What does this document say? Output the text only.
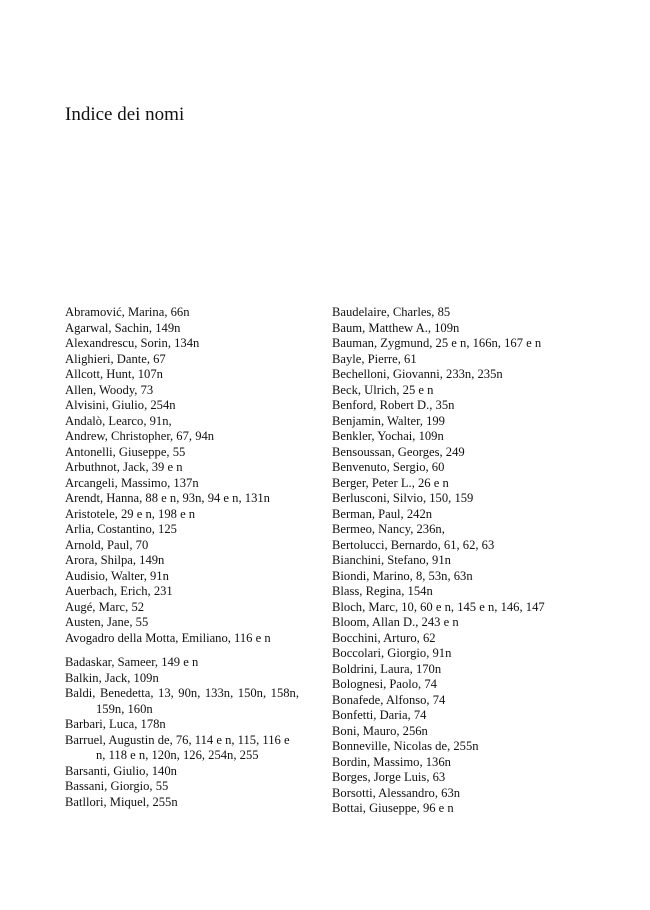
Indice dei nomi
Abramović, Marina, 66n
Agarwal, Sachin, 149n
Alexandrescu, Sorin, 134n
Alighieri, Dante, 67
Allcott, Hunt, 107n
Allen, Woody, 73
Alvisini, Giulio, 254n
Andalò, Learco, 91n,
Andrew, Christopher, 67, 94n
Antonelli, Giuseppe, 55
Arbuthnot, Jack, 39 e n
Arcangeli, Massimo, 137n
Arendt, Hanna, 88 e n, 93n, 94 e n, 131n
Aristotele, 29 e n, 198 e n
Arlia, Costantino, 125
Arnold, Paul, 70
Arora, Shilpa, 149n
Audisio, Walter, 91n
Auerbach, Erich, 231
Augé, Marc, 52
Austen, Jane, 55
Avogadro della Motta, Emiliano, 116 e n
Badaskar, Sameer, 149 e n
Balkin, Jack, 109n
Baldi, Benedetta, 13, 90n, 133n, 150n, 158n, 159n, 160n
Barbari, Luca, 178n
Barruel, Augustin de, 76, 114 e n, 115, 116 e n, 118 e n, 120n, 126, 254n, 255
Barsanti, Giulio, 140n
Bassani, Giorgio, 55
Batllori, Miquel, 255n
Baudelaire, Charles, 85
Baum, Matthew A., 109n
Bauman, Zygmund, 25 e n, 166n, 167 e n
Bayle, Pierre, 61
Bechelloni, Giovanni, 233n, 235n
Beck, Ulrich, 25 e n
Benford, Robert D., 35n
Benjamin, Walter, 199
Benkler, Yochai, 109n
Bensoussan, Georges, 249
Benvenuto, Sergio, 60
Berger, Peter L., 26 e n
Berlusconi, Silvio, 150, 159
Berman, Paul, 242n
Bermeo, Nancy, 236n,
Bertolucci, Bernardo, 61, 62, 63
Bianchini, Stefano, 91n
Biondi, Marino, 8, 53n, 63n
Blass, Regina, 154n
Bloch, Marc, 10, 60 e n, 145 e n, 146, 147
Bloom, Allan D., 243 e n
Bocchini, Arturo, 62
Boccolari, Giorgio, 91n
Boldrini, Laura, 170n
Bolognesi, Paolo, 74
Bonafede, Alfonso, 74
Bonfetti, Daria, 74
Boni, Mauro, 256n
Bonneville, Nicolas de, 255n
Bordin, Massimo, 136n
Borges, Jorge Luis, 63
Borsotti, Alessandro, 63n
Bottai, Giuseppe, 96 e n
